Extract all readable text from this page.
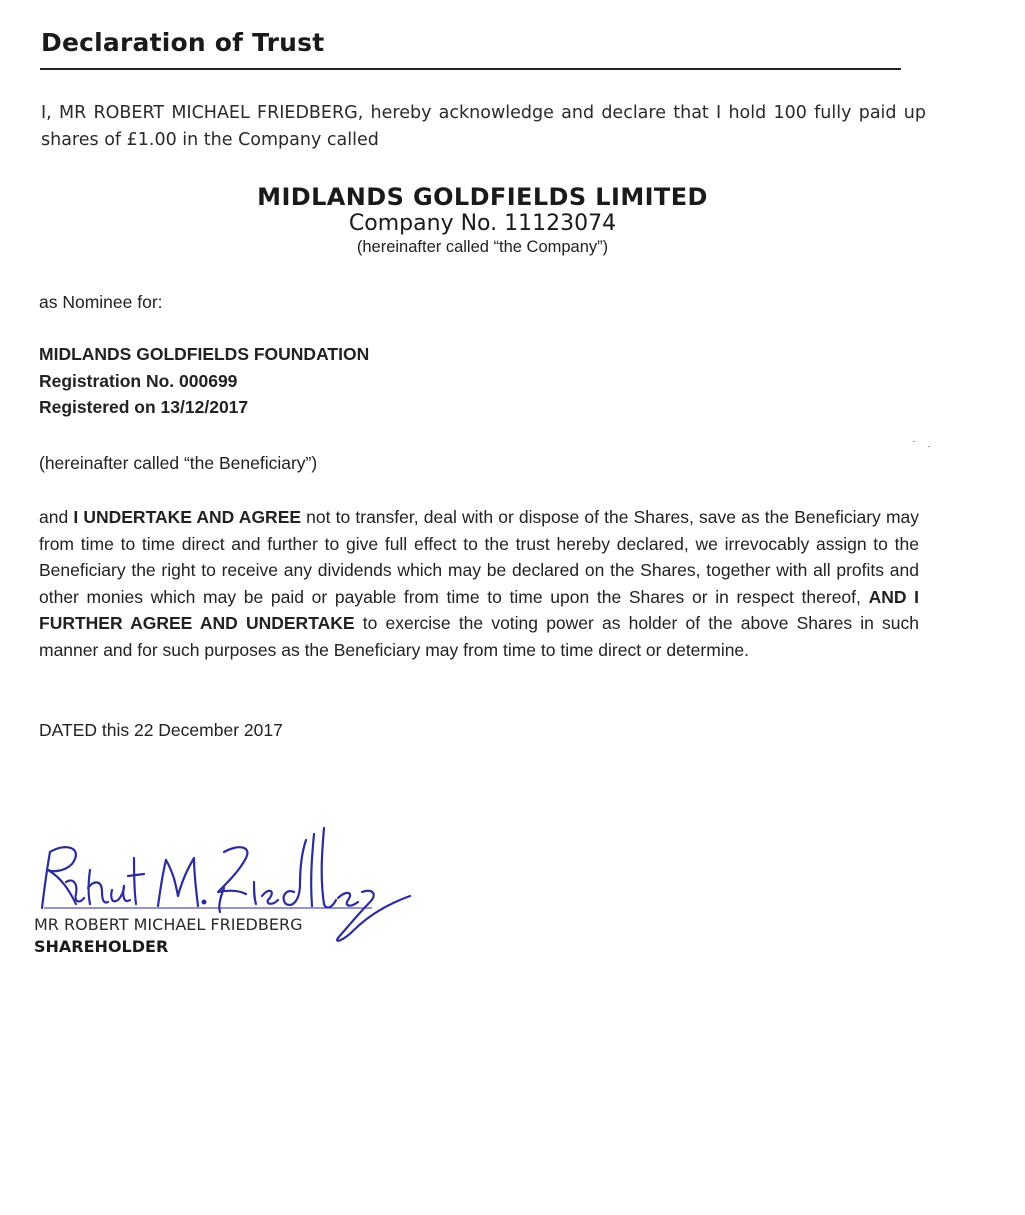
Declaration of Trust

I, MR ROBERT MICHAEL FRIEDBERG, hereby acknowledge and declare that I hold 100 fully paid up shares of £1.00 in the Company called

MIDLANDS GOLDFIELDS LIMITED
Company No. 11123074
(hereinafter called “the Company”)

as Nominee for:

MIDLANDS GOLDFIELDS FOUNDATION
Registration No. 000699
Registered on 13/12/2017

(hereinafter called “the Beneficiary”)

and I UNDERTAKE AND AGREE not to transfer, deal with or dispose of the Shares, save as the Beneficiary may from time to time direct and further to give full effect to the trust hereby declared, we irrevocably assign to the Beneficiary the right to receive any dividends which may be declared on the Shares, together with all profits and other monies which may be paid or payable from time to time upon the Shares or in respect thereof, AND I FURTHER AGREE AND UNDERTAKE to exercise the voting power as holder of the above Shares in such manner and for such purposes as the Beneficiary may from time to time direct or determine.

DATED this 22 December 2017

MR ROBERT MICHAEL FRIEDBERG

SHAREHOLDER
